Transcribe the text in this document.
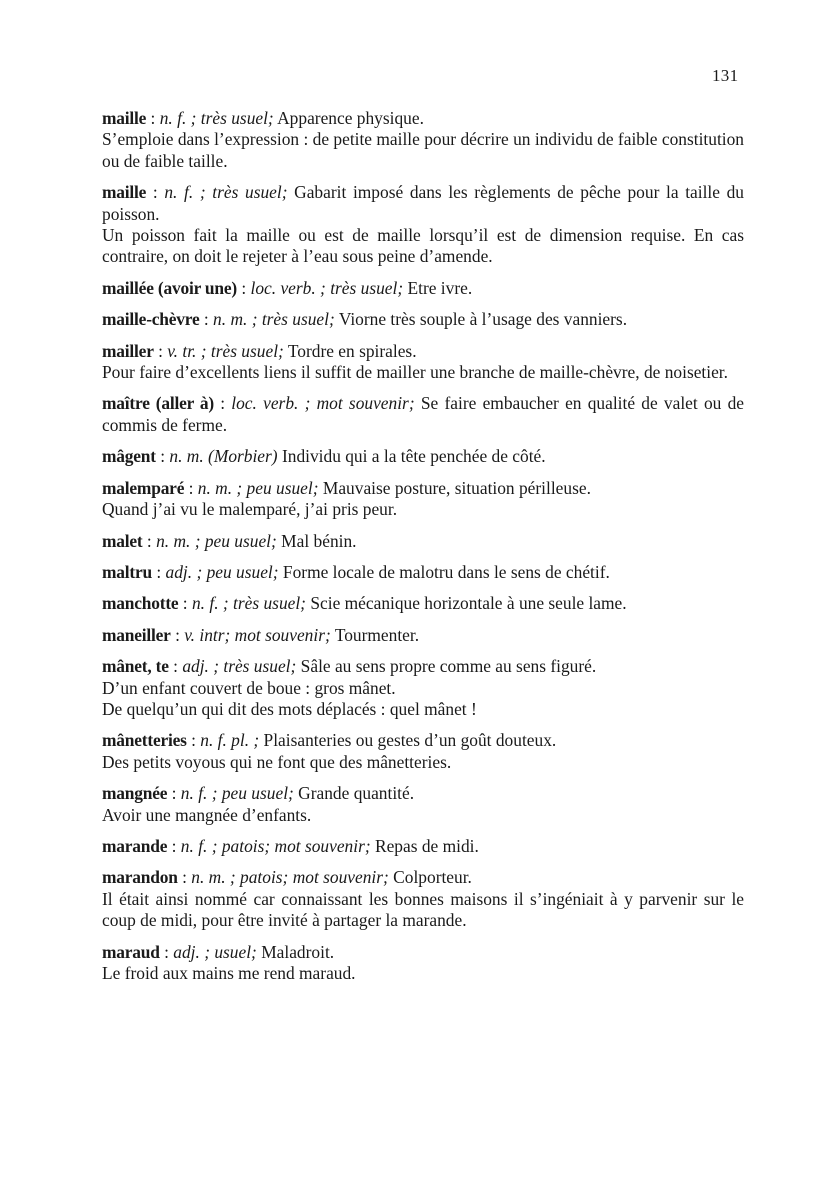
131

maille : n. f. ; très usuel; Apparence physique.

S’emploie dans l’expression : de petite maille pour décrire un individu de faible constitution ou de faible taille.

maille : n. f. ; très usuel; Gabarit imposé dans les règlements de pêche pour la taille du poisson.

Un poisson fait la maille ou est de maille lorsqu’il est de dimension requise. En cas contraire, on doit le rejeter à l’eau sous peine d’amende.

maillée (avoir une) : loc. verb. ; très usuel; Etre ivre.

maille-chèvre : n. m. ; très usuel; Viorne très souple à l’usage des vanniers.

mailler : v. tr. ; très usuel; Tordre en spirales.

Pour faire d’excellents liens il suffit de mailler une branche de maille-chèvre, de noisetier.

maître (aller à) : loc. verb. ; mot souvenir; Se faire embaucher en qualité de valet ou de commis de ferme.

mâgent : n. m. (Morbier) Individu qui a la tête penchée de côté.

malemparé : n. m. ; peu usuel; Mauvaise posture, situation périlleuse.

Quand j’ai vu le malemparé, j’ai pris peur.

malet : n. m. ; peu usuel; Mal bénin.

maltru : adj. ; peu usuel; Forme locale de malotru dans le sens de chétif.

manchotte : n. f. ; très usuel; Scie mécanique horizontale à une seule lame.

maneiller : v. intr; mot souvenir; Tourmenter.

mânet, te : adj. ; très usuel; Sâle au sens propre comme au sens figuré.

D’un enfant couvert de boue : gros mânet.

De quelqu’un qui dit des mots déplacés : quel mânet !

mânetteries : n. f. pl. ; Plaisanteries ou gestes d’un goût douteux.

Des petits voyous qui ne font que des mânetteries.

mangnée : n. f. ; peu usuel; Grande quantité.

Avoir une mangnée d’enfants.

marande : n. f. ; patois; mot souvenir; Repas de midi.

marandon : n. m. ; patois; mot souvenir; Colporteur.

Il était ainsi nommé car connaissant les bonnes maisons il s’ingéniait à y parvenir sur le coup de midi, pour être invité à partager la marande.

maraud : adj. ; usuel; Maladroit.

Le froid aux mains me rend maraud.
